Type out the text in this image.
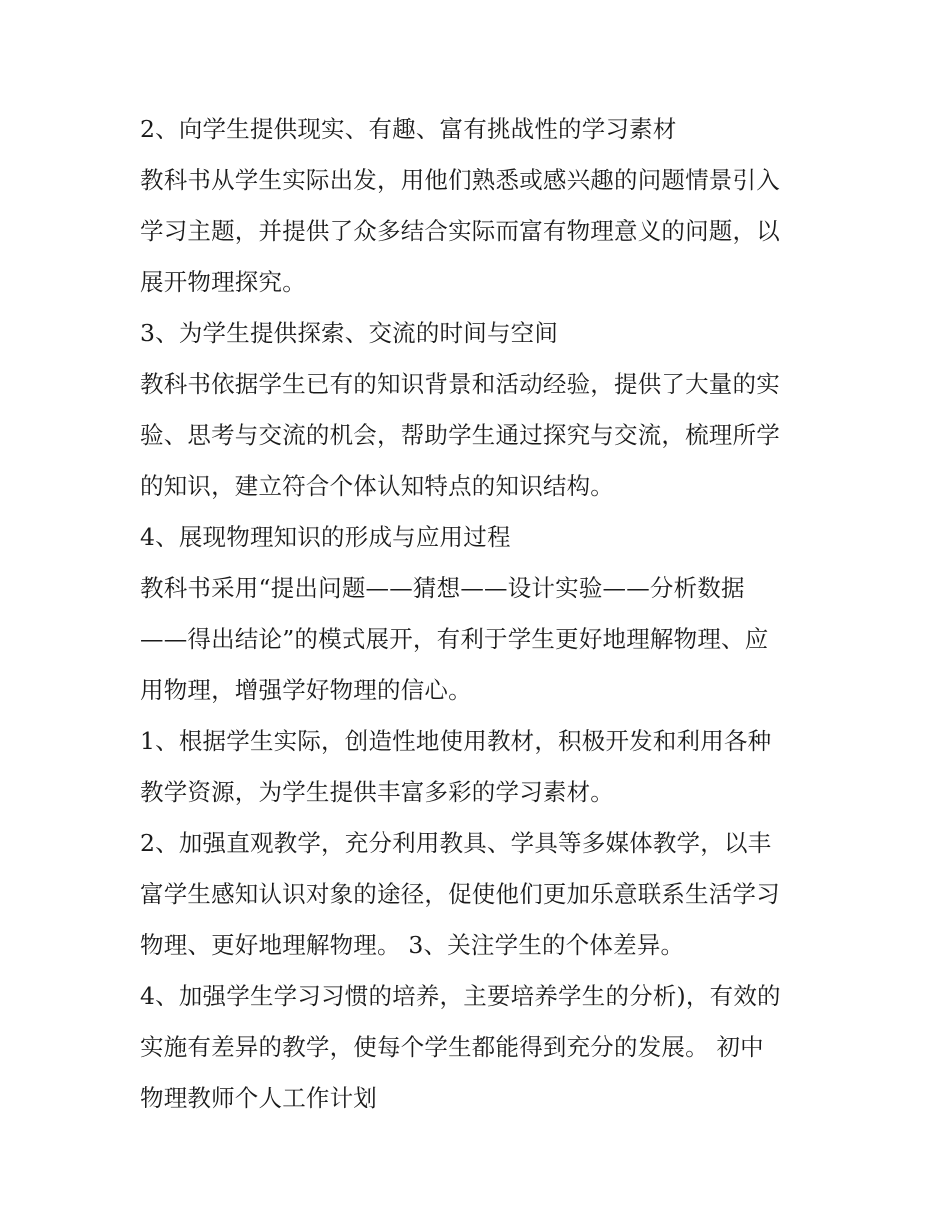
2、向学生提供现实、有趣、富有挑战性的学习素材
教科书从学生实际出发，用他们熟悉或感兴趣的问题情景引入
学习主题，并提供了众多结合实际而富有物理意义的问题，以
展开物理探究。
3、为学生提供探索、交流的时间与空间
教科书依据学生已有的知识背景和活动经验，提供了大量的实
验、思考与交流的机会，帮助学生通过探究与交流，梳理所学
的知识，建立符合个体认知特点的知识结构。
4、展现物理知识的形成与应用过程
教科书采用“提出问题——猜想——设计实验——分析数据
——得出结论”的模式展开，有利于学生更好地理解物理、应
用物理，增强学好物理的信心。
1、根据学生实际，创造性地使用教材，积极开发和利用各种
教学资源，为学生提供丰富多彩的学习素材。
2、加强直观教学，充分利用教具、学具等多媒体教学，以丰
富学生感知认识对象的途径，促使他们更加乐意联系生活学习
物理、更好地理解物理。 3、关注学生的个体差异。
4、加强学生学习习惯的培养，主要培养学生的分析)，有效的
实施有差异的教学，使每个学生都能得到充分的发展。 初中
物理教师个人工作计划
